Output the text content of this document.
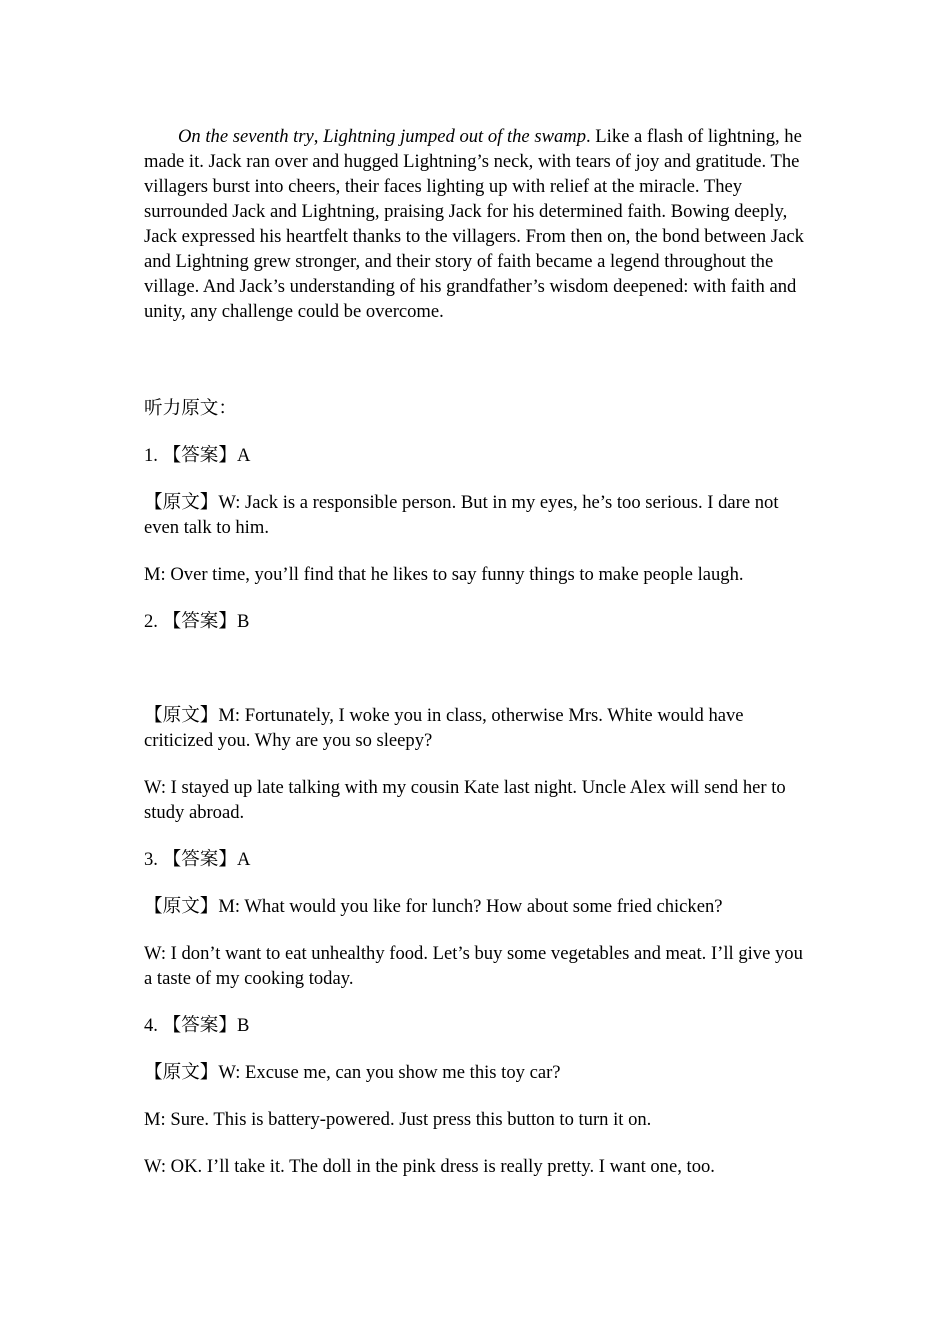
On the seventh try, Lightning jumped out of the swamp. Like a flash of lightning, he made it. Jack ran over and hugged Lightning’s neck, with tears of joy and gratitude. The villagers burst into cheers, their faces lighting up with relief at the miracle. They surrounded Jack and Lightning, praising Jack for his determined faith. Bowing deeply, Jack expressed his heartfelt thanks to the villagers. From then on, the bond between Jack and Lightning grew stronger, and their story of faith became a legend throughout the village. And Jack’s understanding of his grandfather’s wisdom deepened: with faith and unity, any challenge could be overcome.

听力原文：

1. 【答案】A

【原文】W: Jack is a responsible person. But in my eyes, he’s too serious. I dare not even talk to him.

M: Over time, you’ll find that he likes to say funny things to make people laugh.

2. 【答案】B

【原文】M: Fortunately, I woke you in class, otherwise Mrs. White would have criticized you. Why are you so sleepy?

W: I stayed up late talking with my cousin Kate last night. Uncle Alex will send her to study abroad.

3. 【答案】A

【原文】M: What would you like for lunch? How about some fried chicken?

W: I don’t want to eat unhealthy food. Let’s buy some vegetables and meat. I’ll give you a taste of my cooking today.

4. 【答案】B

【原文】W: Excuse me, can you show me this toy car?

M: Sure. This is battery-powered. Just press this button to turn it on.

W: OK. I’ll take it. The doll in the pink dress is really pretty. I want one, too.
